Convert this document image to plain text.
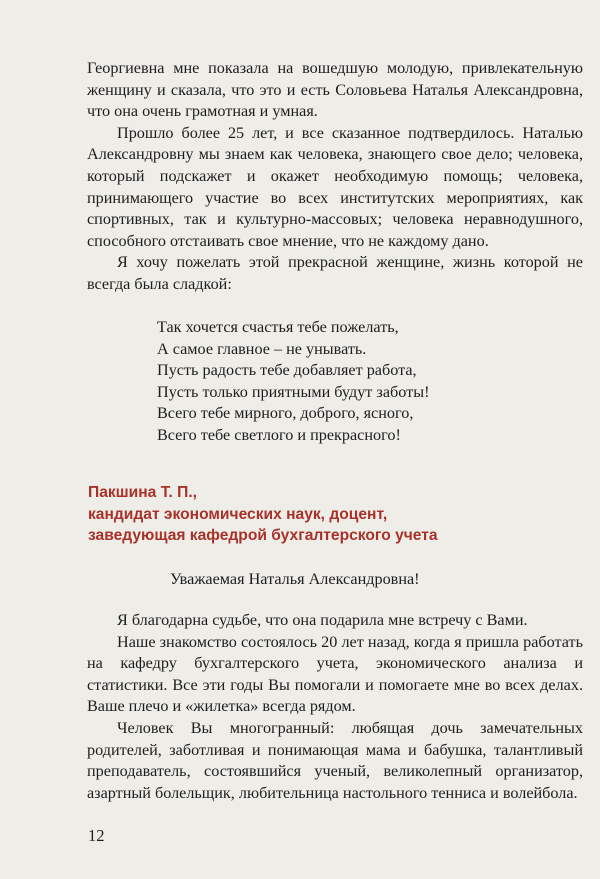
Георгиевна мне показала на вошедшую молодую, привлекательную женщину и сказала, что это и есть Соловьева Наталья Александровна, что она очень грамотная и умная.

Прошло более 25 лет, и все сказанное подтвердилось. Наталью Александровну мы знаем как человека, знающего свое дело; человека, который подскажет и окажет необходимую помощь; человека, принимающего участие во всех институтских мероприятиях, как спортивных, так и культурно-массовых; человека неравнодушного, способного отстаивать свое мнение, что не каждому дано.

Я хочу пожелать этой прекрасной женщине, жизнь которой не всегда была сладкой:

Так хочется счастья тебе пожелать,
А самое главное – не унывать.
Пусть радость тебе добавляет работа,
Пусть только приятными будут заботы!
Всего тебе мирного, доброго, ясного,
Всего тебе светлого и прекрасного!
Пакшина Т. П.,
кандидат экономических наук, доцент,
заведующая кафедрой бухгалтерского учета
Уважаемая Наталья Александровна!

Я благодарна судьбе, что она подарила мне встречу с Вами.

Наше знакомство состоялось 20 лет назад, когда я пришла работать на кафедру бухгалтерского учета, экономического анализа и статистики. Все эти годы Вы помогали и помогаете мне во всех делах. Ваше плечо и «жилетка» всегда рядом.

Человек Вы многогранный: любящая дочь замечательных родителей, заботливая и понимающая мама и бабушка, талантливый преподаватель, состоявшийся ученый, великолепный организатор, азартный болельщик, любительница настольного тенниса и волейбола.

12
